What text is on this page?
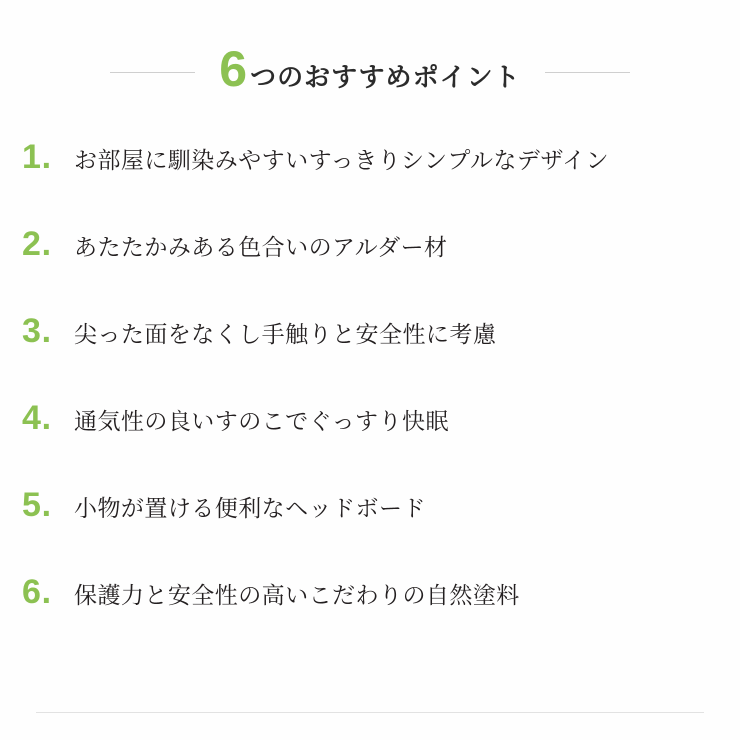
6 つのおすすめポイント
1. お部屋に馴染みやすいすっきりシンプルなデザイン
2. あたたかみある色合いのアルダー材
3. 尖った面をなくし手触りと安全性に考慮
4. 通気性の良いすのこでぐっすり快眠
5. 小物が置ける便利なヘッドボード
6. 保護力と安全性の高いこだわりの自然塗料
